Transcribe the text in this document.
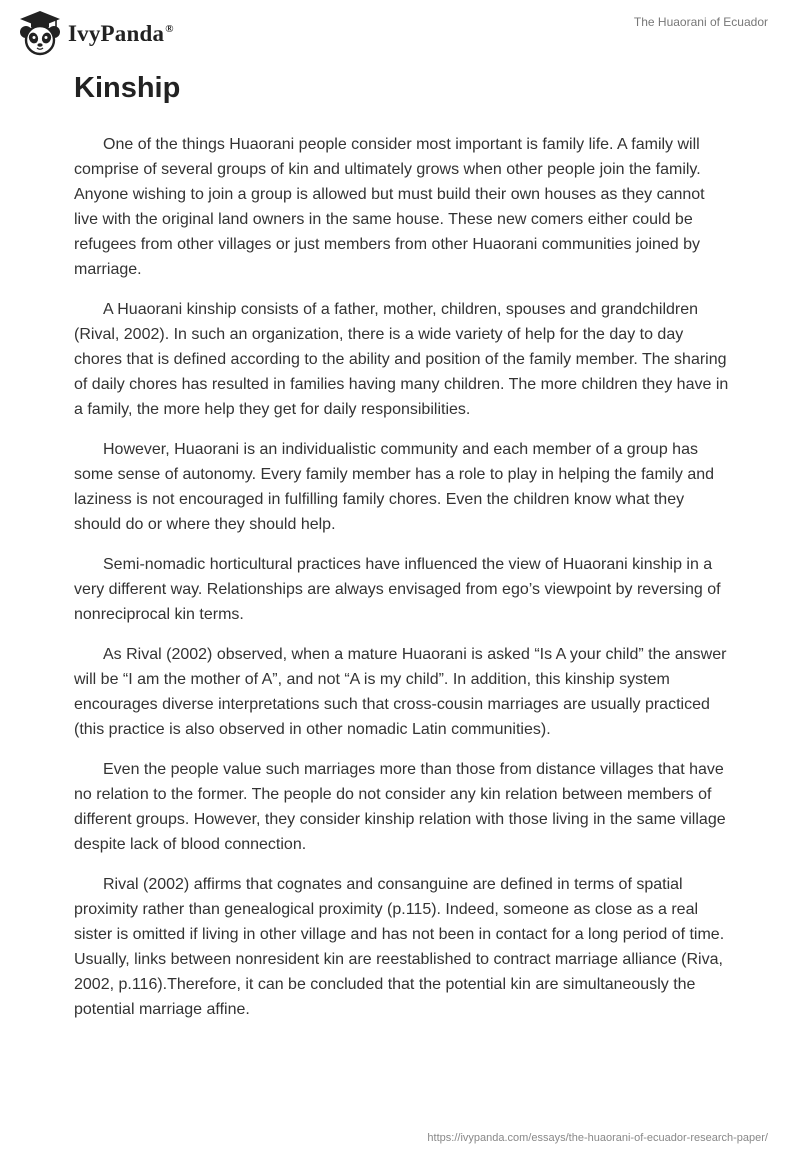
IvyPanda®
The Huaorani of Ecuador
Kinship

One of the things Huaorani people consider most important is family life. A family will comprise of several groups of kin and ultimately grows when other people join the family. Anyone wishing to join a group is allowed but must build their own houses as they cannot live with the original land owners in the same house. These new comers either could be refugees from other villages or just members from other Huaorani communities joined by marriage.

A Huaorani kinship consists of a father, mother, children, spouses and grandchildren (Rival, 2002). In such an organization, there is a wide variety of help for the day to day chores that is defined according to the ability and position of the family member. The sharing of daily chores has resulted in families having many children. The more children they have in a family, the more help they get for daily responsibilities.

However, Huaorani is an individualistic community and each member of a group has some sense of autonomy. Every family member has a role to play in helping the family and laziness is not encouraged in fulfilling family chores. Even the children know what they should do or where they should help.

Semi-nomadic horticultural practices have influenced the view of Huaorani kinship in a very different way. Relationships are always envisaged from ego’s viewpoint by reversing of nonreciprocal kin terms.

As Rival (2002) observed, when a mature Huaorani is asked “Is A your child” the answer will be “I am the mother of A”, and not “A is my child”. In addition, this kinship system encourages diverse interpretations such that cross-cousin marriages are usually practiced (this practice is also observed in other nomadic Latin communities).

Even the people value such marriages more than those from distance villages that have no relation to the former. The people do not consider any kin relation between members of different groups. However, they consider kinship relation with those living in the same village despite lack of blood connection.

Rival (2002) affirms that cognates and consanguine are defined in terms of spatial proximity rather than genealogical proximity (p.115). Indeed, someone as close as a real sister is omitted if living in other village and has not been in contact for a long period of time. Usually, links between nonresident kin are reestablished to contract marriage alliance (Riva, 2002, p.116).Therefore, it can be concluded that the potential kin are simultaneously the potential marriage affine.

https://ivypanda.com/essays/the-huaorani-of-ecuador-research-paper/
